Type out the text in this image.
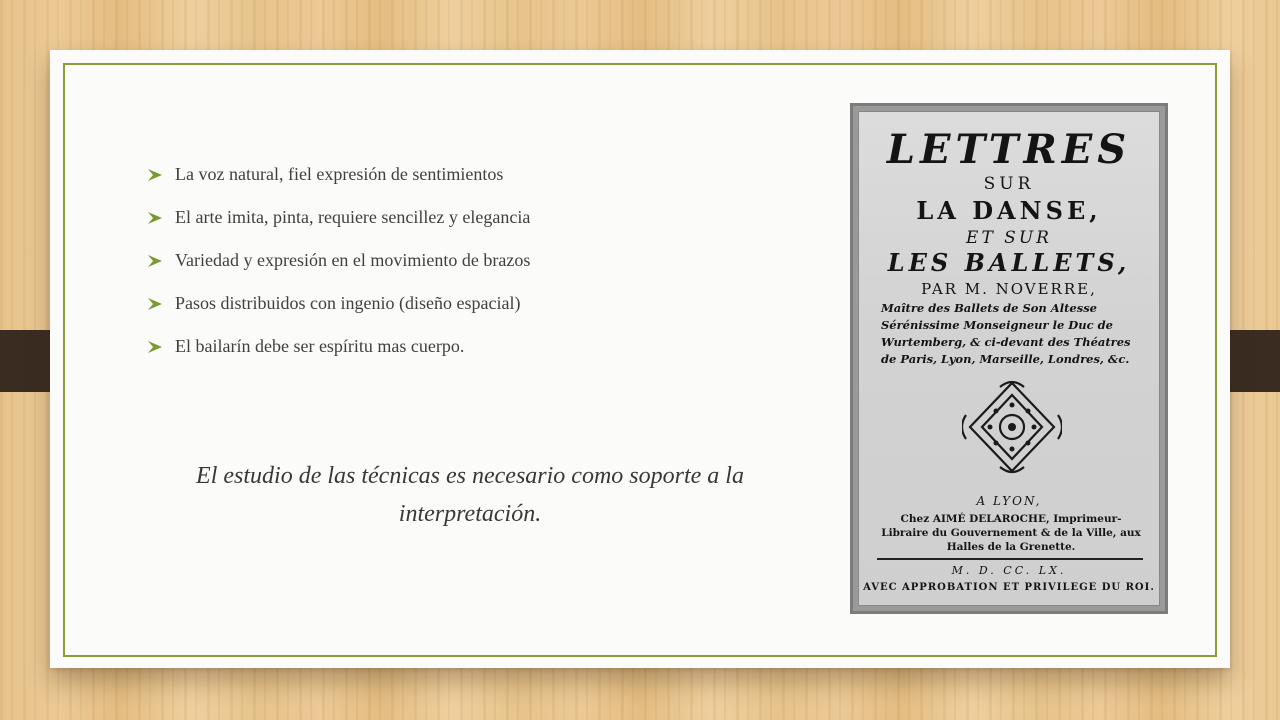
La voz natural, fiel expresión de sentimientos
El arte imita, pinta, requiere sencillez y elegancia
Variedad y expresión en el movimiento de brazos
Pasos distribuidos con ingenio (diseño espacial)
El bailarín debe ser espíritu mas cuerpo.
El estudio de las técnicas es necesario como soporte a la interpretación.
LETTRES
SUR
LA DANSE,
ET SUR
LES BALLETS,
PAR M. NOVERRE,
Maître des Ballets de Son Altesse Sérénissime Monseigneur le Duc de Wurtemberg, & ci-devant des Théatres de Paris, Lyon, Marseille, Londres, &c.
A LYON,
Chez AIMÉ DELAROCHE, Imprimeur-Libraire du Gouvernement & de la Ville, aux Halles de la Grenette.
M. D. CC. LX.
AVEC APPROBATION ET PRIVILEGE DU ROI.
